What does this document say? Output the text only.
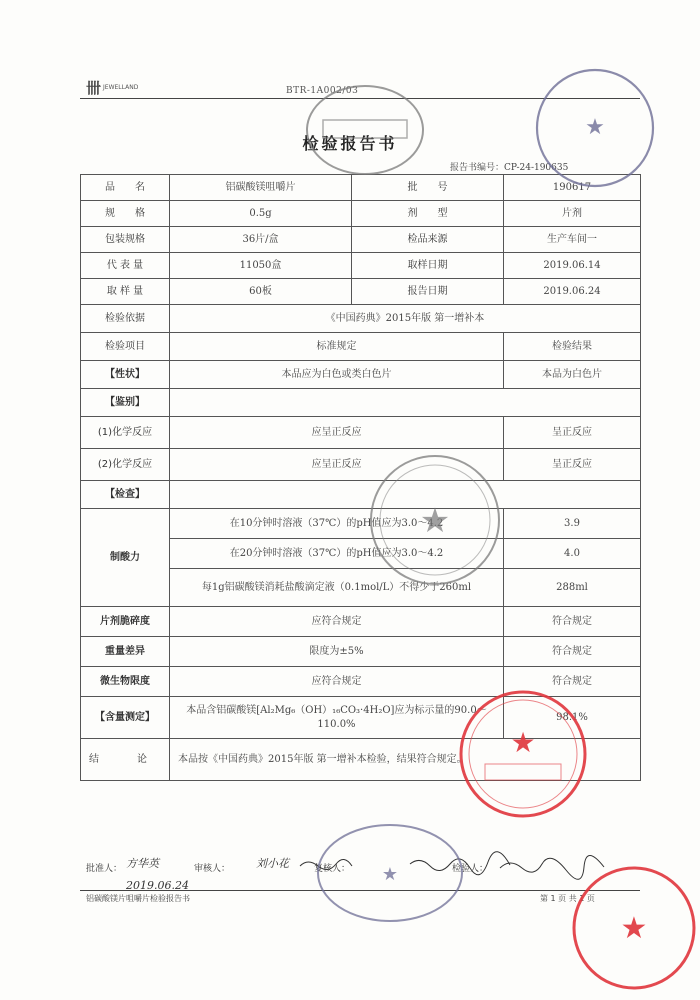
卌 JEWELLAND	BTR-1A002/03
检验报告书
报告书编号：CP-24-190635
品　　名	铝碳酸镁咀嚼片	批　　号	190617
规　　格	0.5g	剂　　型	片剂
包装规格	36片/盒	检品来源	生产车间一
代 表 量	11050盒	取样日期	2019.06.14
取 样 量	60板	报告日期	2019.06.24
检验依据	《中国药典》2015年版 第一增补本		
检验项目	标准规定		检验结果
【性状】	本品应为白色或类白色片		本品为白色片
【鉴别】			
(1)化学反应	应呈正反应		呈正反应
(2)化学反应	应呈正反应		呈正反应
【检查】			
制酸力	在10分钟时溶液（37℃）的pH值应为3.0～4.2		3.9
	在20分钟时溶液（37℃）的pH值应为3.0～4.2		4.0
	每1g铝碳酸镁消耗盐酸滴定液（0.1mol/L）不得少于260ml		288ml
片剂脆碎度	应符合规定		符合规定
重量差异	限度为±5%		符合规定
微生物限度	应符合规定		符合规定
【含量测定】	本品含铝碳酸镁[Al₂Mg₆（OH）₁₆CO₃·4H₂O]应为标示量的90.0～110.0%		98.1%
结　论	本品按《中国药典》2015年版 第一增补本检验，结果符合规定。		
批准人： 方华英	审核人： 刘小花	复核人：	检验人：
2019.06.24
铝碳酸镁片咀嚼片检验报告书	第 1 页 共 1 页
★
★
★
★
★
